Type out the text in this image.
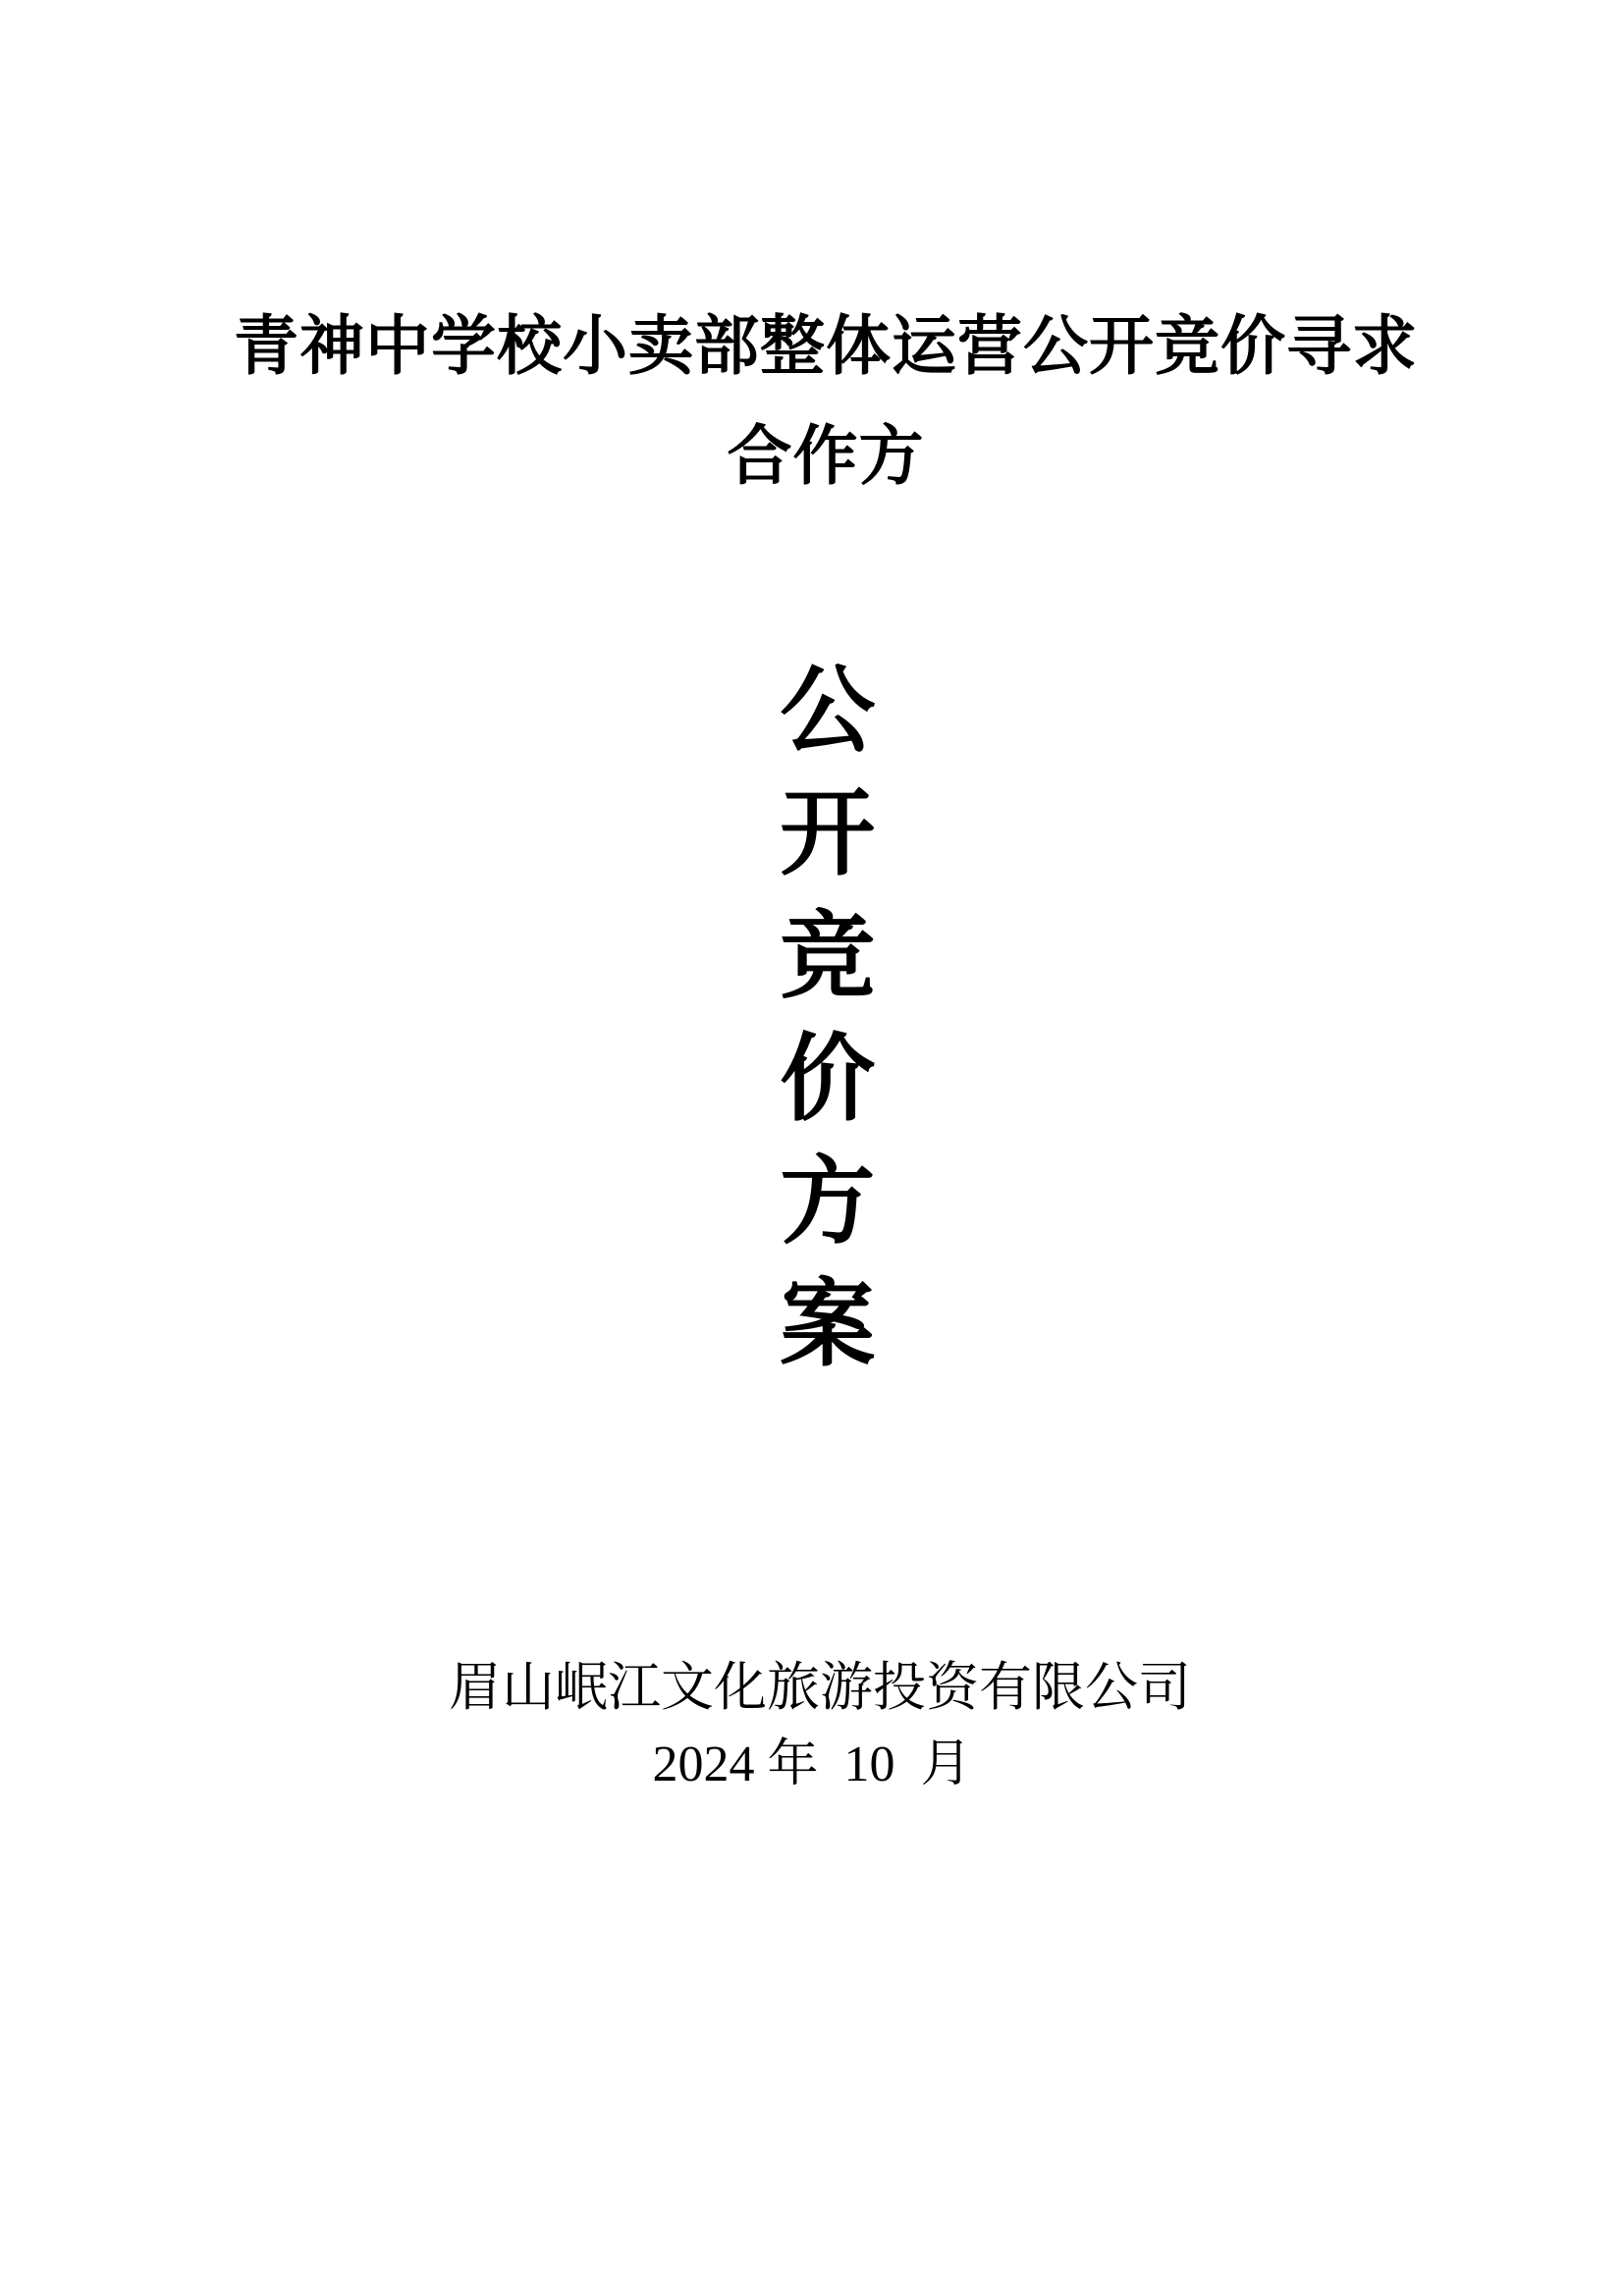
青神中学校小卖部整体运营公开竞价寻求
合作方
公开竞价方案
眉山岷江文化旅游投资有限公司
2024 年  10  月
